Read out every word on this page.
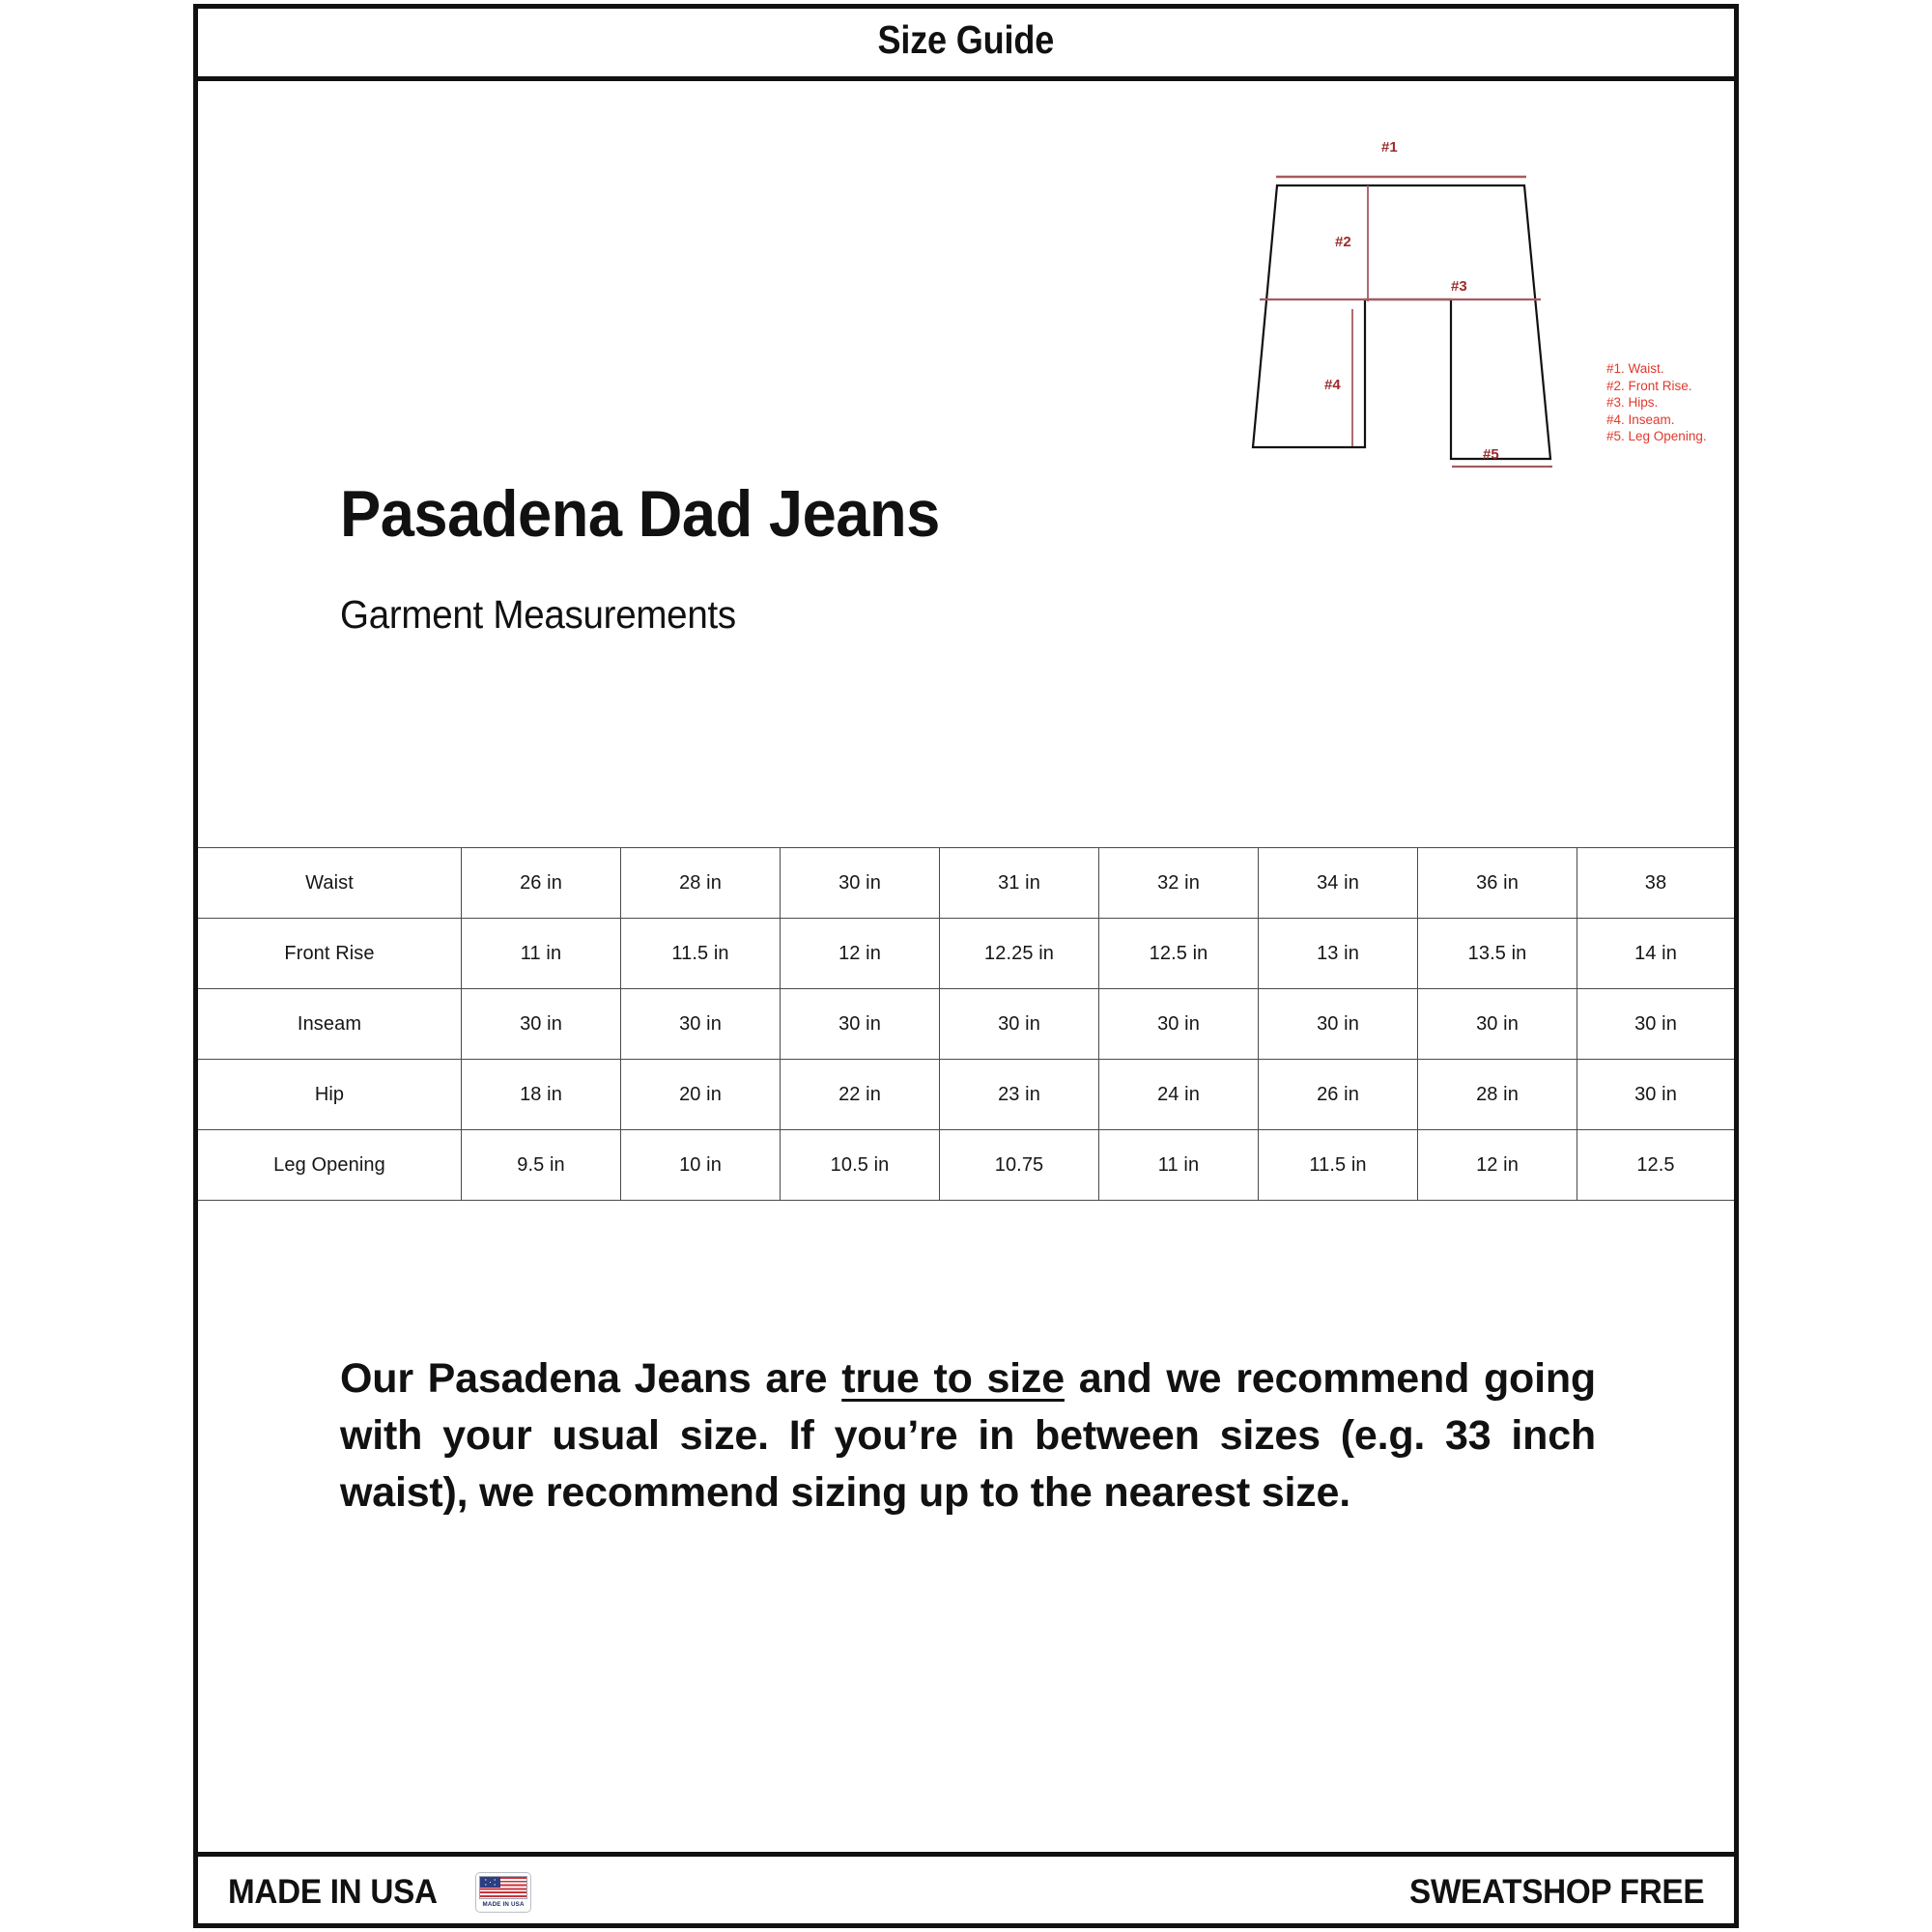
Size Guide
Pasadena Dad Jeans
Garment Measurements
#1
#2
#3
#4
#5
#1. Waist.
#2. Front Rise.
#3. Hips.
#4. Inseam.
#5. Leg Opening.
Waist	26 in	28 in	30 in	31 in	32 in	34 in	36 in	38
Front Rise	11 in	11.5 in	12 in	12.25 in	12.5 in	13 in	13.5 in	14 in
Inseam	30 in	30 in	30 in	30 in	30 in	30 in	30 in	30 in
Hip	18 in	20 in	22 in	23 in	24 in	26 in	28 in	30 in
Leg Opening	9.5 in	10 in	10.5 in	10.75	11 in	11.5 in	12 in	12.5
Our Pasadena Jeans are true to size and we recommend going with your usual size. If you’re in between sizes (e.g. 33 inch waist), we recommend sizing up to the nearest size.
MADE IN USA	MADE IN USA	SWEATSHOP FREE
